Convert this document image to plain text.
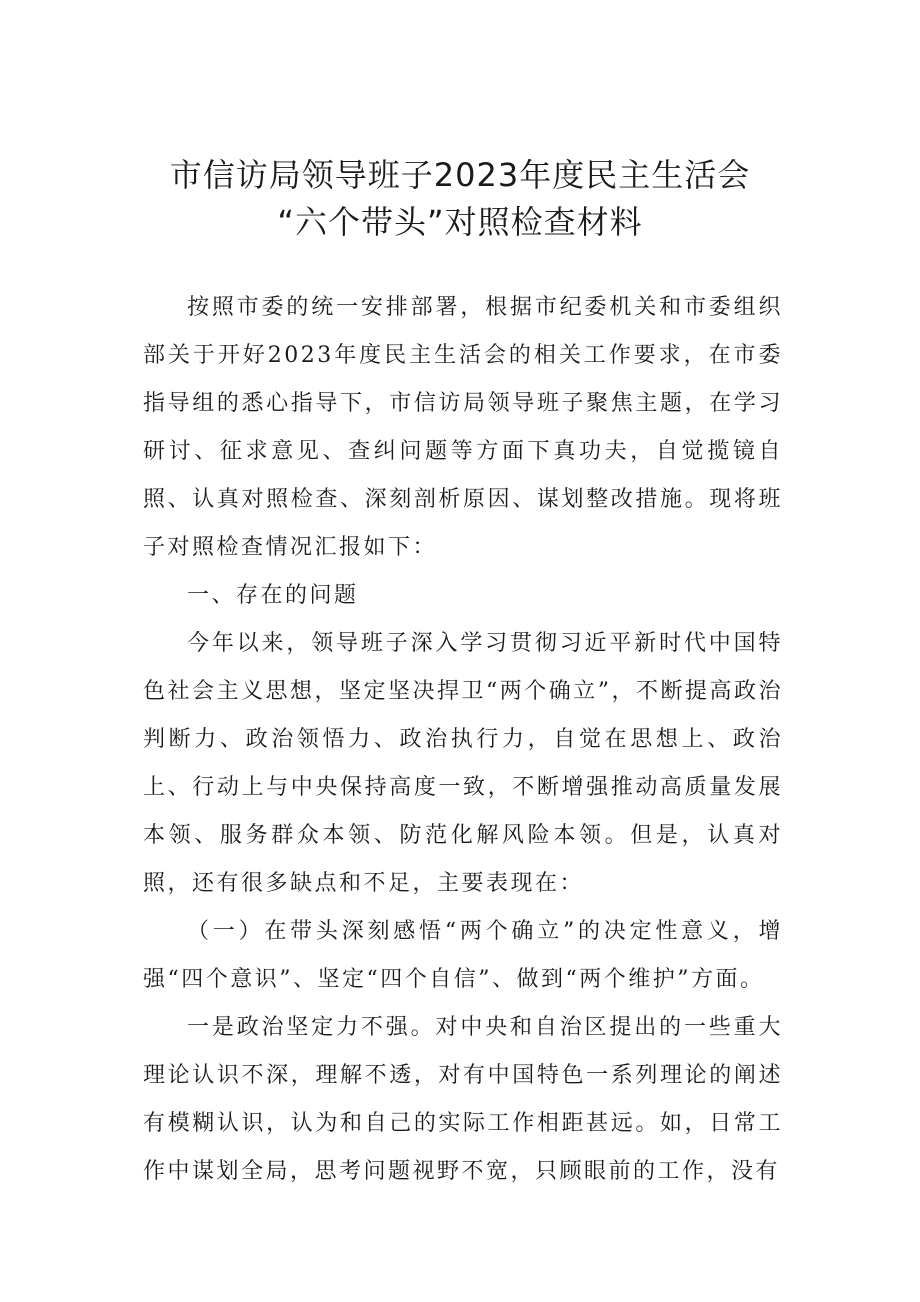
市信访局领导班子2023年度民主生活会
“六个带头”对照检查材料

按照市委的统一安排部署，根据市纪委机关和市委组织部关于开好2023年度民主生活会的相关工作要求，在市委指导组的悉心指导下，市信访局领导班子聚焦主题，在学习研讨、征求意见、查纠问题等方面下真功夫，自觉揽镜自照、认真对照检查、深刻剖析原因、谋划整改措施。现将班子对照检查情况汇报如下：

一、存在的问题

今年以来，领导班子深入学习贯彻习近平新时代中国特色社会主义思想，坚定坚决捍卫“两个确立”，不断提高政治判断力、政治领悟力、政治执行力，自觉在思想上、政治上、行动上与中央保持高度一致，不断增强推动高质量发展本领、服务群众本领、防范化解风险本领。但是，认真对照，还有很多缺点和不足，主要表现在：

（一）在带头深刻感悟“两个确立”的决定性意义，增强“四个意识”、坚定“四个自信”、做到“两个维护”方面。

一是政治坚定力不强。对中央和自治区提出的一些重大理论认识不深，理解不透，对有中国特色一系列理论的阐述有模糊认识，认为和自己的实际工作相距甚远。如，日常工作中谋划全局，思考问题视野不宽，只顾眼前的工作，没有
